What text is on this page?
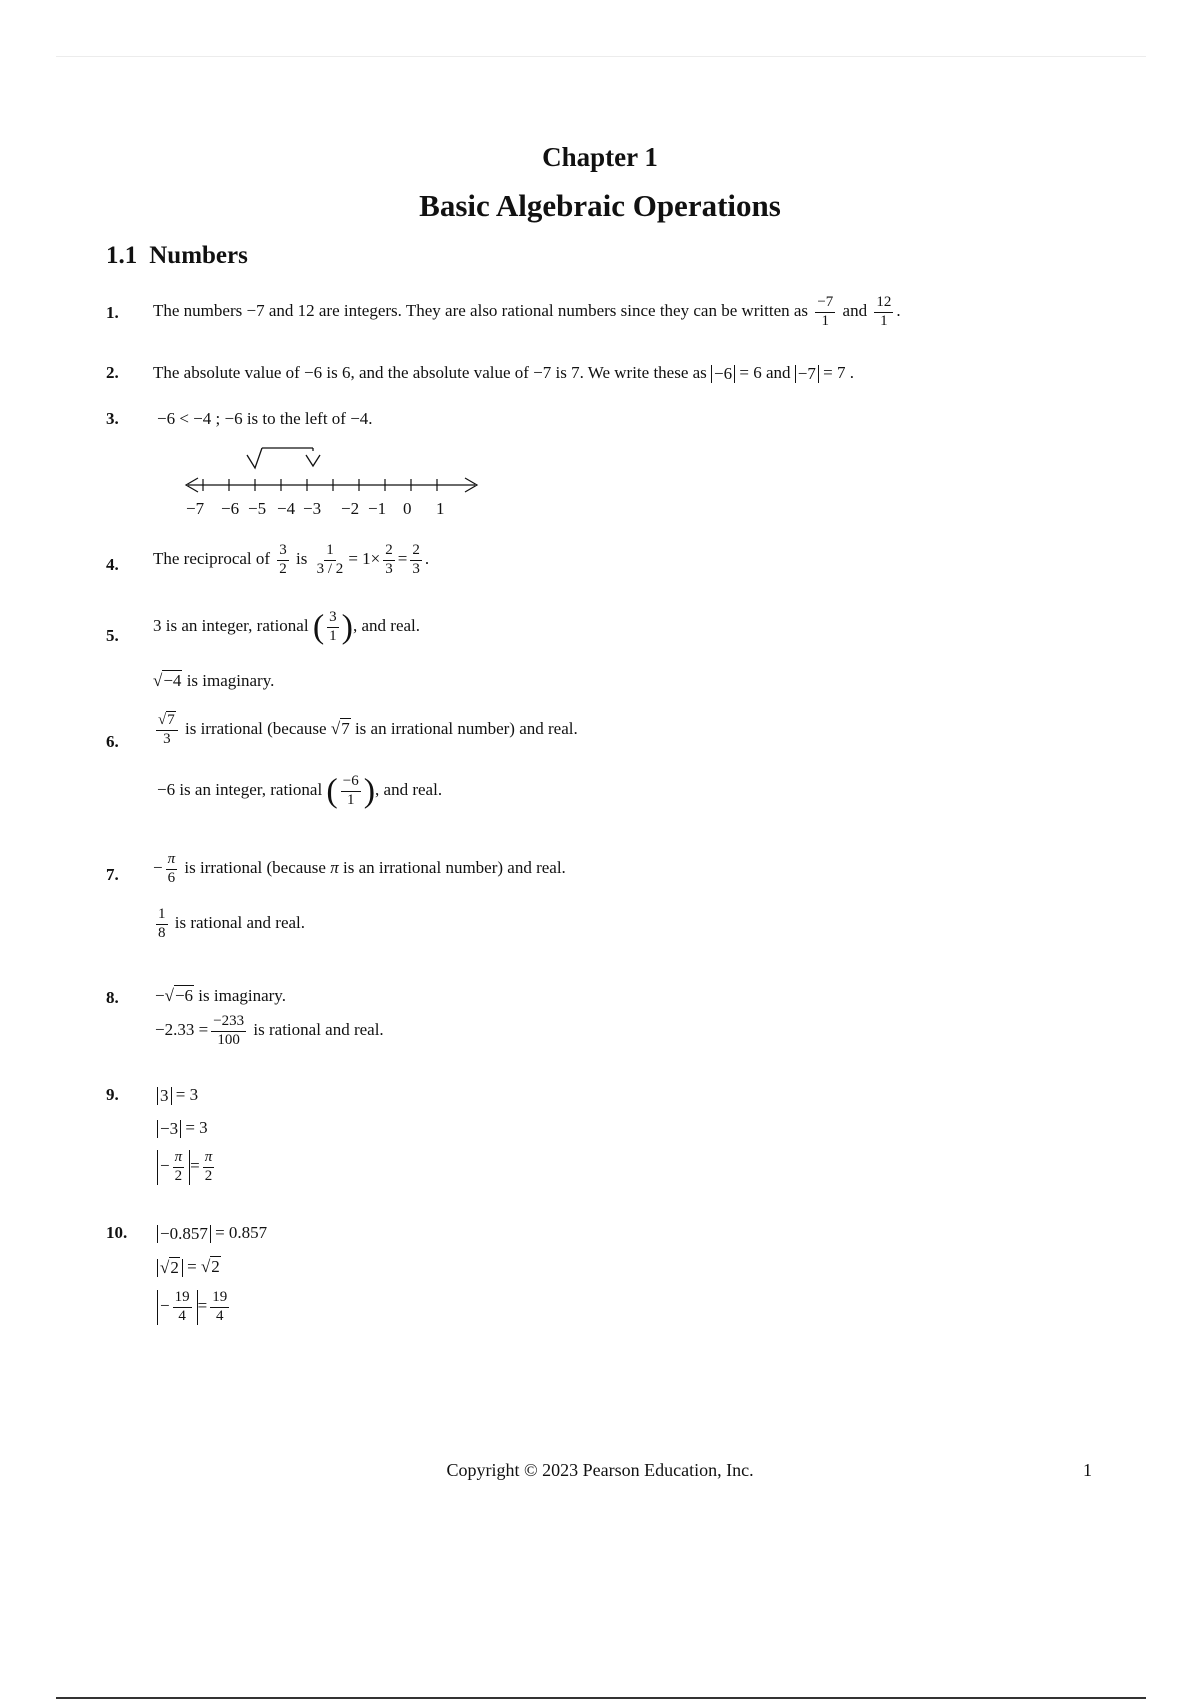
Chapter 1
Basic Algebraic Operations
1.1 Numbers
1. The numbers −7 and 12 are integers. They are also rational numbers since they can be written as $\frac{-7}{1}$ and $\frac{12}{1}$ .
2. The absolute value of −6 is 6, and the absolute value of −7 is 7. We write these as −6 = 6 and −7 = 7 .
3. −6 < −4 ; −6 is to the left of −4.
−7 −6 −5 −4 −3 −2 −1 0 1
4. The reciprocal of $\frac{3}{2}$ is $\frac{1}{3 / 2} = 1\times \frac{2}{3} = \frac{2}{3}$ .
5.
3 is an integer, rational ( $\frac{3}{1}$ ), and real.
√−4 is imaginary.
6. $\frac{√7}{3}$ is irrational (because √7 is an irrational number) and real.
−6 is an integer, rational ( $\frac{-6}{1}$ ), and real.
7. − $\frac{\pi}{6}$ is irrational (because π is an irrational number) and real.
$\frac{1}{8}$ is rational and real.
8. −√−6 is imaginary.
$-2.33 = \frac{-233}{100}$ is rational and real.
9. 3 = 3
−3 = 3
− $\frac{\pi}{2} = \frac{\pi}{2}$
10. −0.857 = 0.857
√2 = √2
− $\frac{19}{4} = \frac{19}{4}$
Copyright © 2023 Pearson Education, Inc.	1
